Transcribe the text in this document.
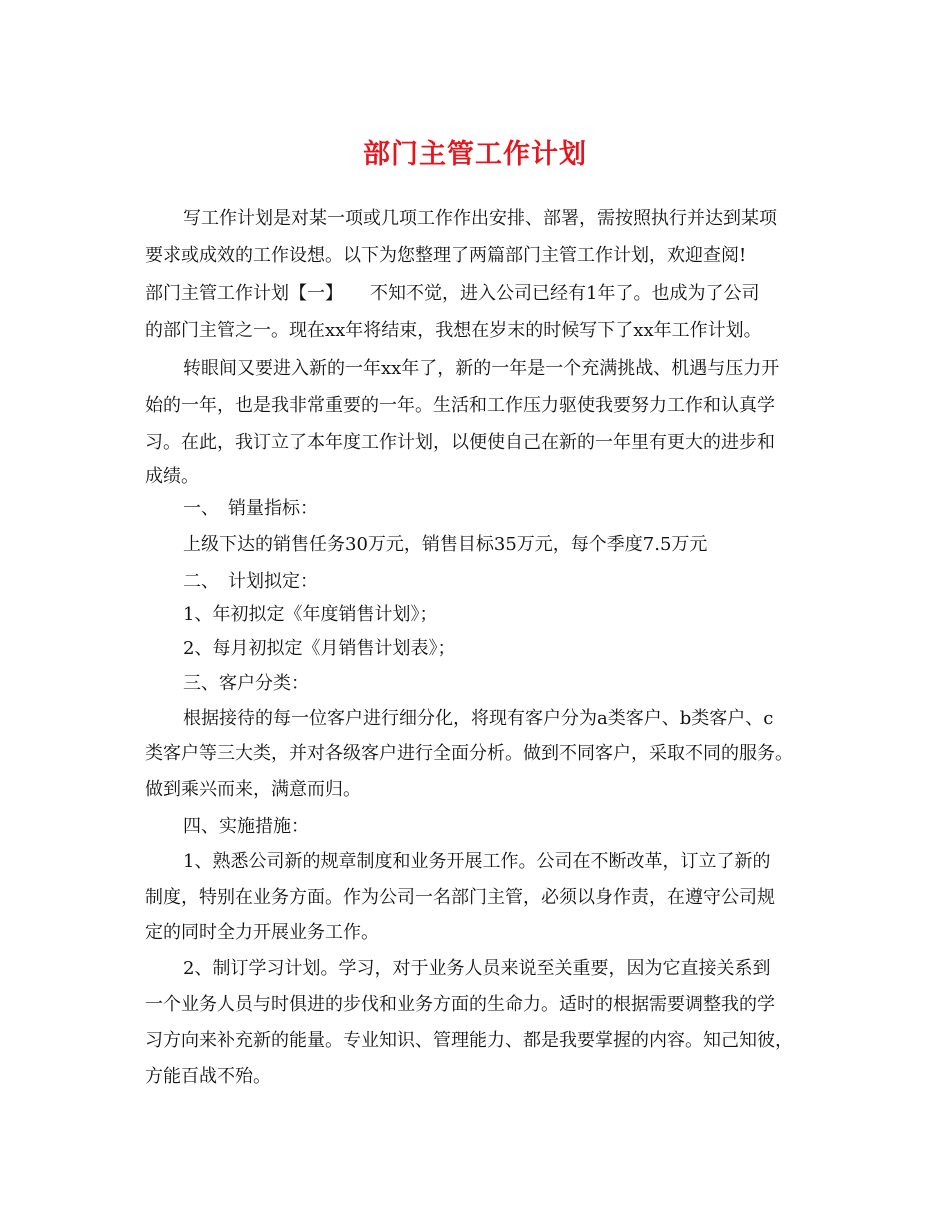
部门主管工作计划

写工作计划是对某一项或几项工作作出安排、部署，需按照执行并达到某项

要求或成效的工作设想。以下为您整理了两篇部门主管工作计划，欢迎查阅!

部门主管工作计划【一】　　不知不觉，进入公司已经有1年了。也成为了公司

的部门主管之一。现在xx年将结束，我想在岁末的时候写下了xx年工作计划。

转眼间又要进入新的一年xx年了，新的一年是一个充满挑战、机遇与压力开

始的一年，也是我非常重要的一年。生活和工作压力驱使我要努力工作和认真学

习。在此，我订立了本年度工作计划，以便使自己在新的一年里有更大的进步和

成绩。

一、　销量指标：

上级下达的销售任务30万元，销售目标35万元，每个季度7.5万元

二、　计划拟定：

1、年初拟定《年度销售计划》；

2、每月初拟定《月销售计划表》；

三、客户分类：

根据接待的每一位客户进行细分化，将现有客户分为a类客户、b类客户、c

类客户等三大类，并对各级客户进行全面分析。做到不同客户，采取不同的服务。

做到乘兴而来，满意而归。

四、实施措施：

1、熟悉公司新的规章制度和业务开展工作。公司在不断改革，订立了新的

制度，特别在业务方面。作为公司一名部门主管，必须以身作责，在遵守公司规

定的同时全力开展业务工作。

2、制订学习计划。学习，对于业务人员来说至关重要，因为它直接关系到

一个业务人员与时俱进的步伐和业务方面的生命力。适时的根据需要调整我的学

习方向来补充新的能量。专业知识、管理能力、都是我要掌握的内容。知己知彼，

方能百战不殆。
